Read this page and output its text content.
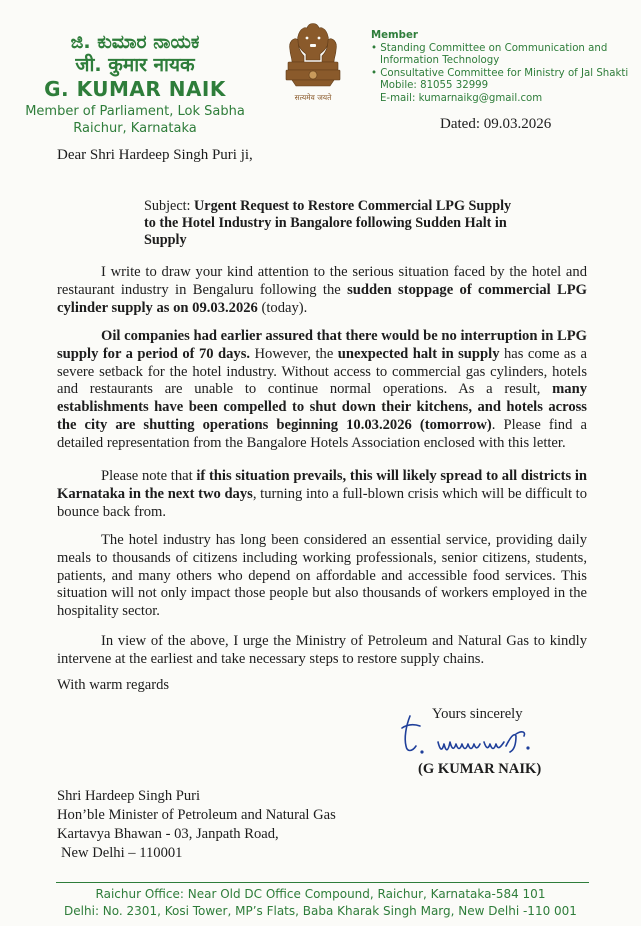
ಜಿ. ಕುಮಾರ ನಾಯಕ
जी. कुमार नायक
G. KUMAR NAIK
Member of Parliament, Lok Sabha
Raichur, Karnataka
सत्यमेव जयते
Member
• Standing Committee on Communication and Information Technology
• Consultative Committee for Ministry of Jal Shakti
Mobile: 81055 32999
E-mail: kumarnaikg@gmail.com
Dated: 09.03.2026
Dear Shri Hardeep Singh Puri ji,
Subject: Urgent Request to Restore Commercial LPG Supply to the Hotel Industry in Bangalore following Sudden Halt in Supply
I write to draw your kind attention to the serious situation faced by the hotel and restaurant industry in Bengaluru following the sudden stoppage of commercial LPG cylinder supply as on 09.03.2026 (today).
Oil companies had earlier assured that there would be no interruption in LPG supply for a period of 70 days. However, the unexpected halt in supply has come as a severe setback for the hotel industry. Without access to commercial gas cylinders, hotels and restaurants are unable to continue normal operations. As a result, many establishments have been compelled to shut down their kitchens, and hotels across the city are shutting operations beginning 10.03.2026 (tomorrow). Please find a detailed representation from the Bangalore Hotels Association enclosed with this letter.
Please note that if this situation prevails, this will likely spread to all districts in Karnataka in the next two days, turning into a full-blown crisis which will be difficult to bounce back from.
The hotel industry has long been considered an essential service, providing daily meals to thousands of citizens including working professionals, senior citizens, students, patients, and many others who depend on affordable and accessible food services. This situation will not only impact those people but also thousands of workers employed in the hospitality sector.
In view of the above, I urge the Ministry of Petroleum and Natural Gas to kindly intervene at the earliest and take necessary steps to restore supply chains.
With warm regards
Yours sincerely
(G KUMAR NAIK)
Shri Hardeep Singh Puri
Hon’ble Minister of Petroleum and Natural Gas
Kartavya Bhawan - 03, Janpath Road,
New Delhi – 110001
Raichur Office: Near Old DC Office Compound, Raichur, Karnataka-584 101
Delhi: No. 2301, Kosi Tower, MP’s Flats, Baba Kharak Singh Marg, New Delhi -110 001
